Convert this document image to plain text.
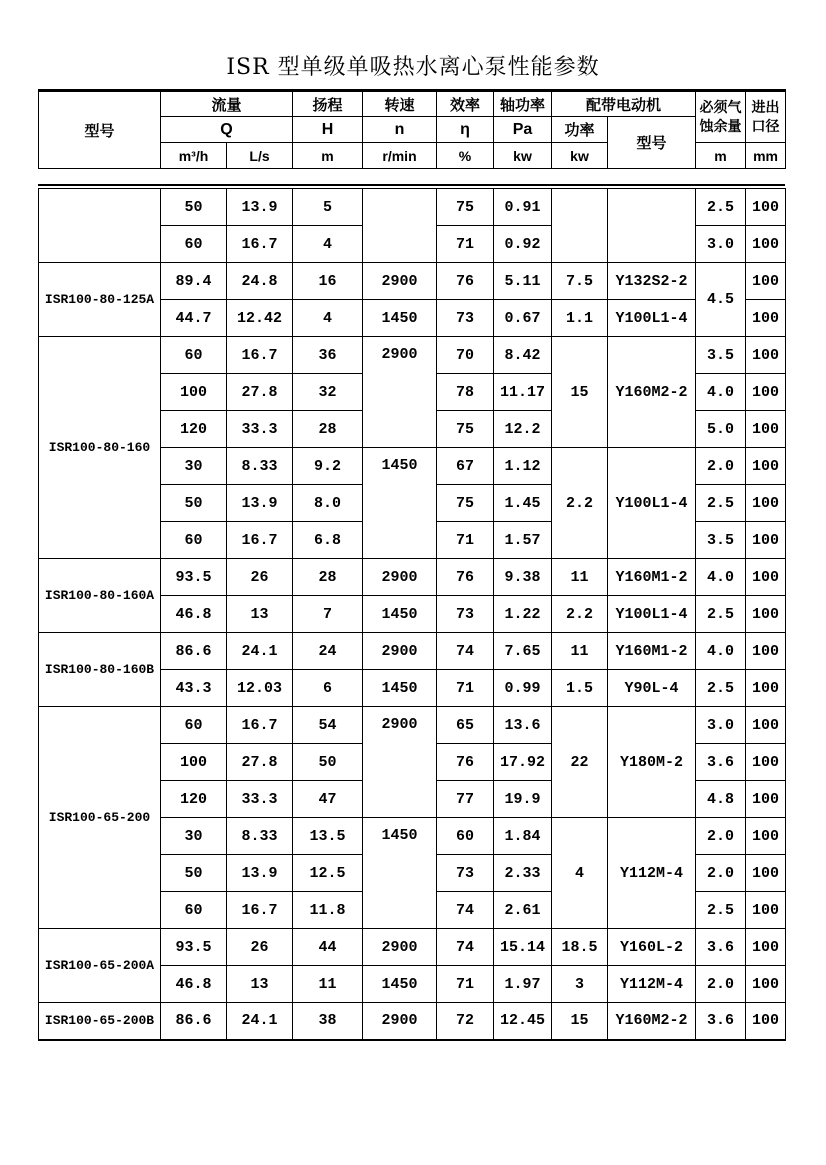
ISR 型单级单吸热水离心泵性能参数
型号	流量		扬程	转速	效率	轴功率	配带电动机		必须气蚀余量	进出口径
	Q		H	n	η	Pa	功率	型号		
	m³/h	L/s	m	r/min	%	kw	kw		m	mm
	50	13.9	5		75	0.91			2.5	100
	60	16.7	4		71	0.92			3.0	100
ISR100-80-125A	89.4	24.8	16	2900	76	5.11	7.5	Y132S2-2	4.5	100
	44.7	12.42	4	1450	73	0.67	1.1	Y100L1-4		100
ISR100-80-160	60	16.7	36	2900	70	8.42	15	Y160M2-2	3.5	100
	100	27.8	32		78	11.17			4.0	100
	120	33.3	28		75	12.2			5.0	100
	30	8.33	9.2	1450	67	1.12	2.2	Y100L1-4	2.0	100
	50	13.9	8.0		75	1.45			2.5	100
	60	16.7	6.8		71	1.57			3.5	100
ISR100-80-160A	93.5	26	28	2900	76	9.38	11	Y160M1-2	4.0	100
	46.8	13	7	1450	73	1.22	2.2	Y100L1-4	2.5	100
ISR100-80-160B	86.6	24.1	24	2900	74	7.65	11	Y160M1-2	4.0	100
	43.3	12.03	6	1450	71	0.99	1.5	Y90L-4	2.5	100
ISR100-65-200	60	16.7	54	2900	65	13.6	22	Y180M-2	3.0	100
	100	27.8	50		76	17.92			3.6	100
	120	33.3	47		77	19.9			4.8	100
	30	8.33	13.5	1450	60	1.84	4	Y112M-4	2.0	100
	50	13.9	12.5		73	2.33			2.0	100
	60	16.7	11.8		74	2.61			2.5	100
ISR100-65-200A	93.5	26	44	2900	74	15.14	18.5	Y160L-2	3.6	100
	46.8	13	11	1450	71	1.97	3	Y112M-4	2.0	100
ISR100-65-200B	86.6	24.1	38	2900	72	12.45	15	Y160M2-2	3.6	100
